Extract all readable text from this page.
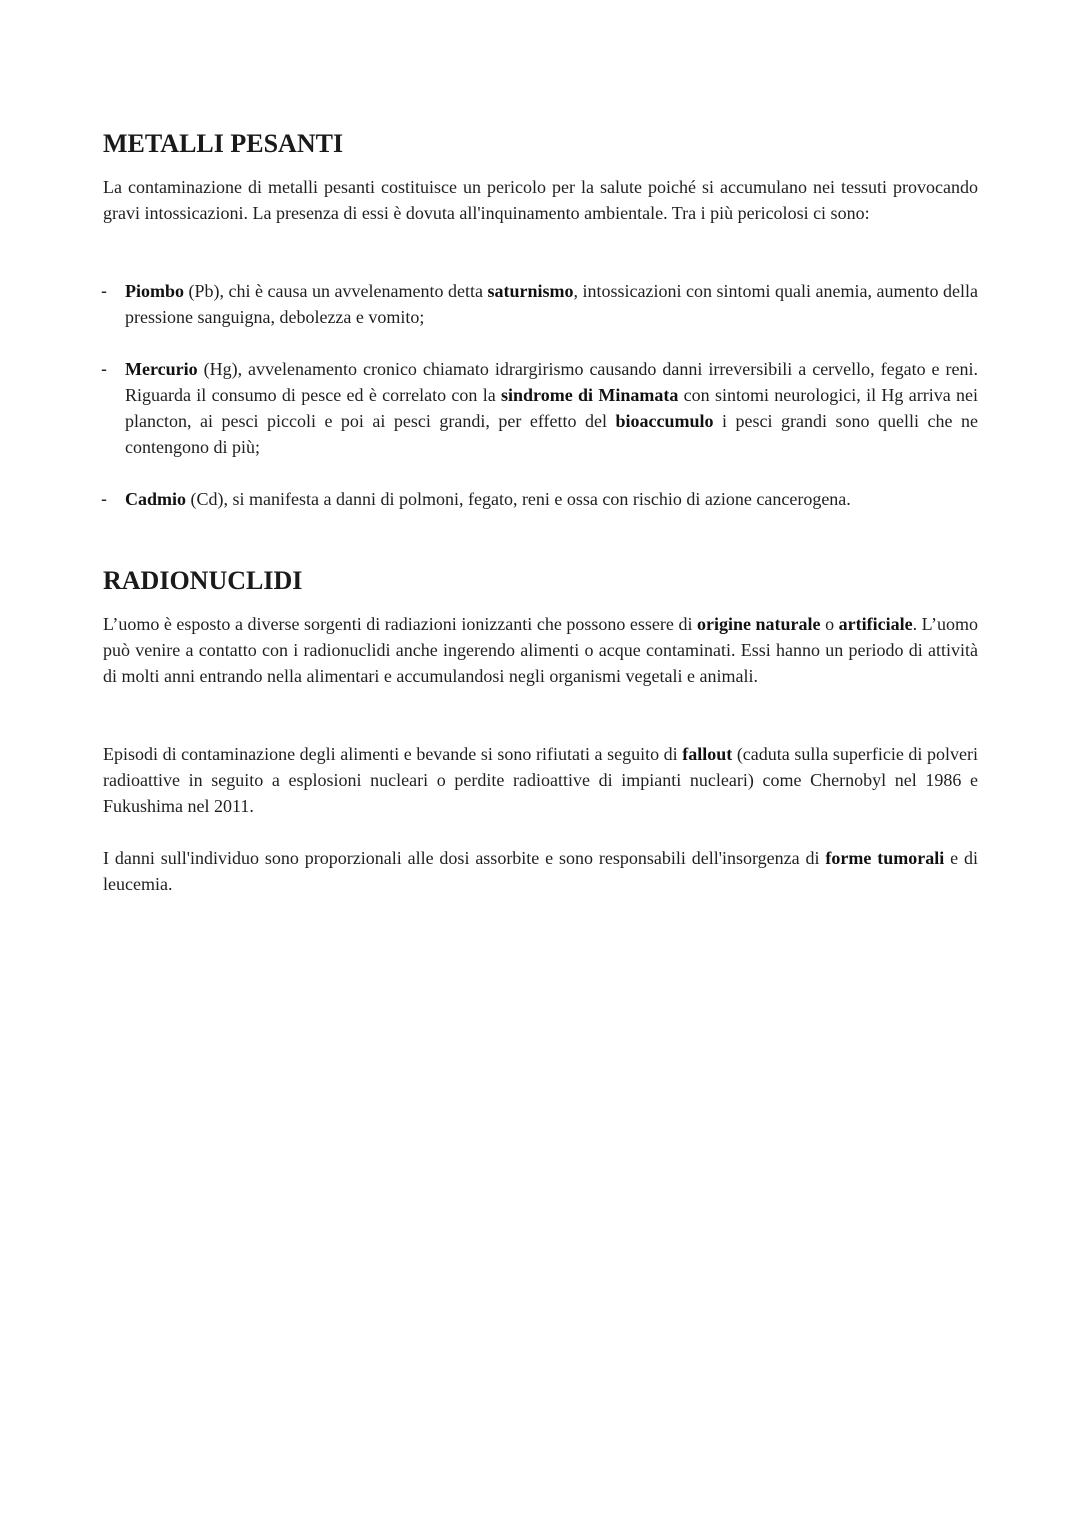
METALLI PESANTI

La contaminazione di metalli pesanti costituisce un pericolo per la salute poiché si accumulano nei tessuti provocando gravi intossicazioni. La presenza di essi è dovuta all'inquinamento ambientale. Tra i più pericolosi ci sono:

- Piombo (Pb), chi è causa un avvelenamento detta saturnismo, intossicazioni con sintomi quali anemia, aumento della pressione sanguigna, debolezza e vomito;

- Mercurio (Hg), avvelenamento cronico chiamato idrargirismo causando danni irreversibili a cervello, fegato e reni. Riguarda il consumo di pesce ed è correlato con la sindrome di Minamata con sintomi neurologici, il Hg arriva nei plancton, ai pesci piccoli e poi ai pesci grandi, per effetto del bioaccumulo i pesci grandi sono quelli che ne contengono di più;

- Cadmio (Cd), si manifesta a danni di polmoni, fegato, reni e ossa con rischio di azione cancerogena.

RADIONUCLIDI

L’uomo è esposto a diverse sorgenti di radiazioni ionizzanti che possono essere di origine naturale o artificiale. L’uomo può venire a contatto con i radionuclidi anche ingerendo alimenti o acque contaminati. Essi hanno un periodo di attività di molti anni entrando nella alimentari e accumulandosi negli organismi vegetali e animali.

Episodi di contaminazione degli alimenti e bevande si sono rifiutati a seguito di fallout (caduta sulla superficie di polveri radioattive in seguito a esplosioni nucleari o perdite radioattive di impianti nucleari) come Chernobyl nel 1986 e Fukushima nel 2011.

I danni sull'individuo sono proporzionali alle dosi assorbite e sono responsabili dell'insorgenza di forme tumorali e di leucemia.
